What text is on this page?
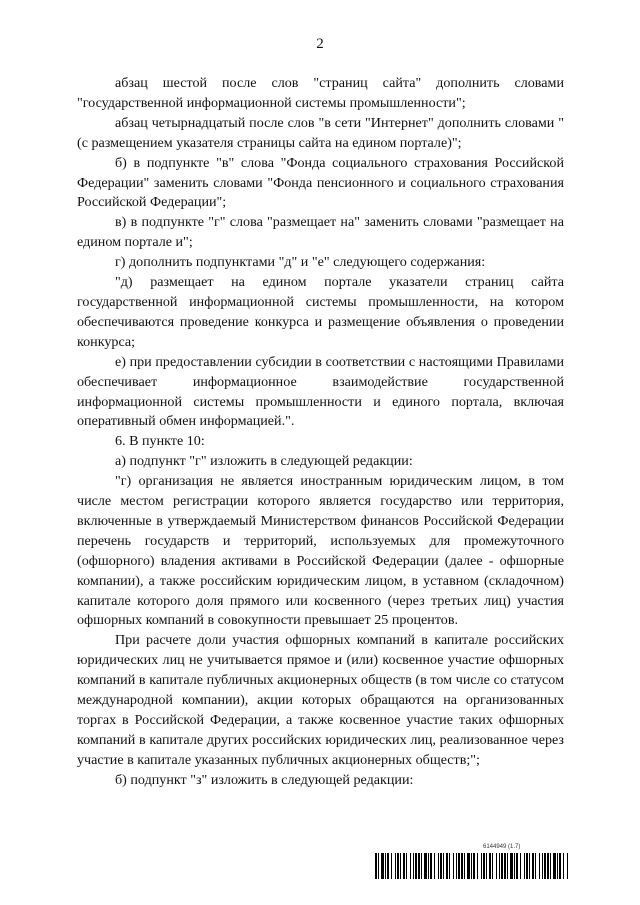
2

абзац шестой после слов "страниц сайта" дополнить словами "государственной информационной системы промышленности";

абзац четырнадцатый после слов "в сети "Интернет" дополнить словами "(с размещением указателя страницы сайта на едином портале)";

б) в подпункте "в" слова "Фонда социального страхования Российской Федерации" заменить словами "Фонда пенсионного и социального страхования Российской Федерации";

в) в подпункте "г" слова "размещает на" заменить словами "размещает на едином портале и";

г) дополнить подпунктами "д" и "е" следующего содержания:

"д) размещает на едином портале указатели страниц сайта государственной информационной системы промышленности, на котором обеспечиваются проведение конкурса и размещение объявления о проведении конкурса;

е) при предоставлении субсидии в соответствии с настоящими Правилами обеспечивает информационное взаимодействие государственной информационной системы промышленности и единого портала, включая оперативный обмен информацией.".

6. В пункте 10:

а) подпункт "г" изложить в следующей редакции:

"г) организация не является иностранным юридическим лицом, в том числе местом регистрации которого является государство или территория, включенные в утверждаемый Министерством финансов Российской Федерации перечень государств и территорий, используемых для промежуточного (офшорного) владения активами в Российской Федерации (далее - офшорные компании), а также российским юридическим лицом, в уставном (складочном) капитале которого доля прямого или косвенного (через третьих лиц) участия офшорных компаний в совокупности превышает 25 процентов.

При расчете доли участия офшорных компаний в капитале российских юридических лиц не учитывается прямое и (или) косвенное участие офшорных компаний в капитале публичных акционерных обществ (в том числе со статусом международной компании), акции которых обращаются на организованных торгах в Российской Федерации, а также косвенное участие таких офшорных компаний в капитале других российских юридических лиц, реализованное через участие в капитале указанных публичных акционерных обществ;";

б) подпункт "з" изложить в следующей редакции:

6144949 (1.7)
